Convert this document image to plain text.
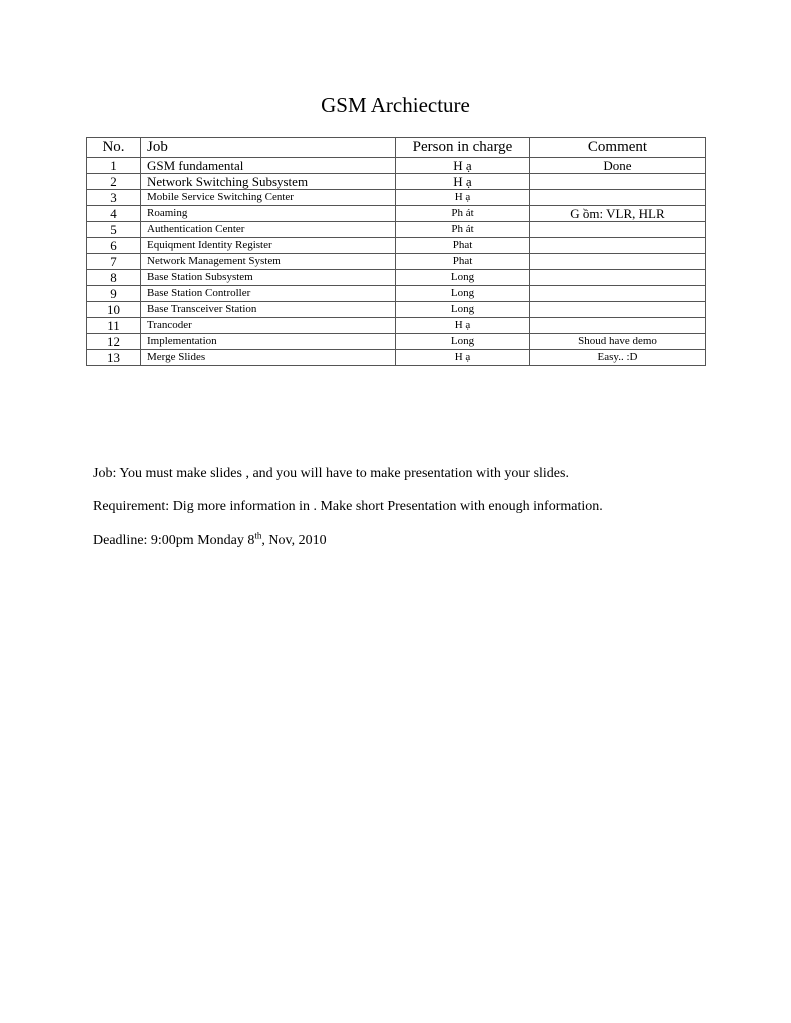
GSM Archiecture
No.	Job	Person in charge	Comment
1	GSM fundamental	H ạ	Done
2	Network Switching Subsystem	H ạ	
3	Mobile Service Switching Center	H ạ	
4	Roaming	Ph át	G ồm: VLR, HLR
5	Authentication Center	Ph át	
6	Equiqment Identity Register	Phat	
7	Network Management System	Phat	
8	Base Station Subsystem	Long	
9	Base Station Controller	Long	
10	Base Transceiver Station	Long	
11	Trancoder	H ạ	
12	Implementation	Long	Shoud have demo
13	Merge Slides	H ạ	Easy.. :D
Job: You must make slides , and you will have to make presentation with your slides.
Requirement: Dig more information in . Make short Presentation with enough information.
Deadline: 9:00pm Monday 8th, Nov, 2010
